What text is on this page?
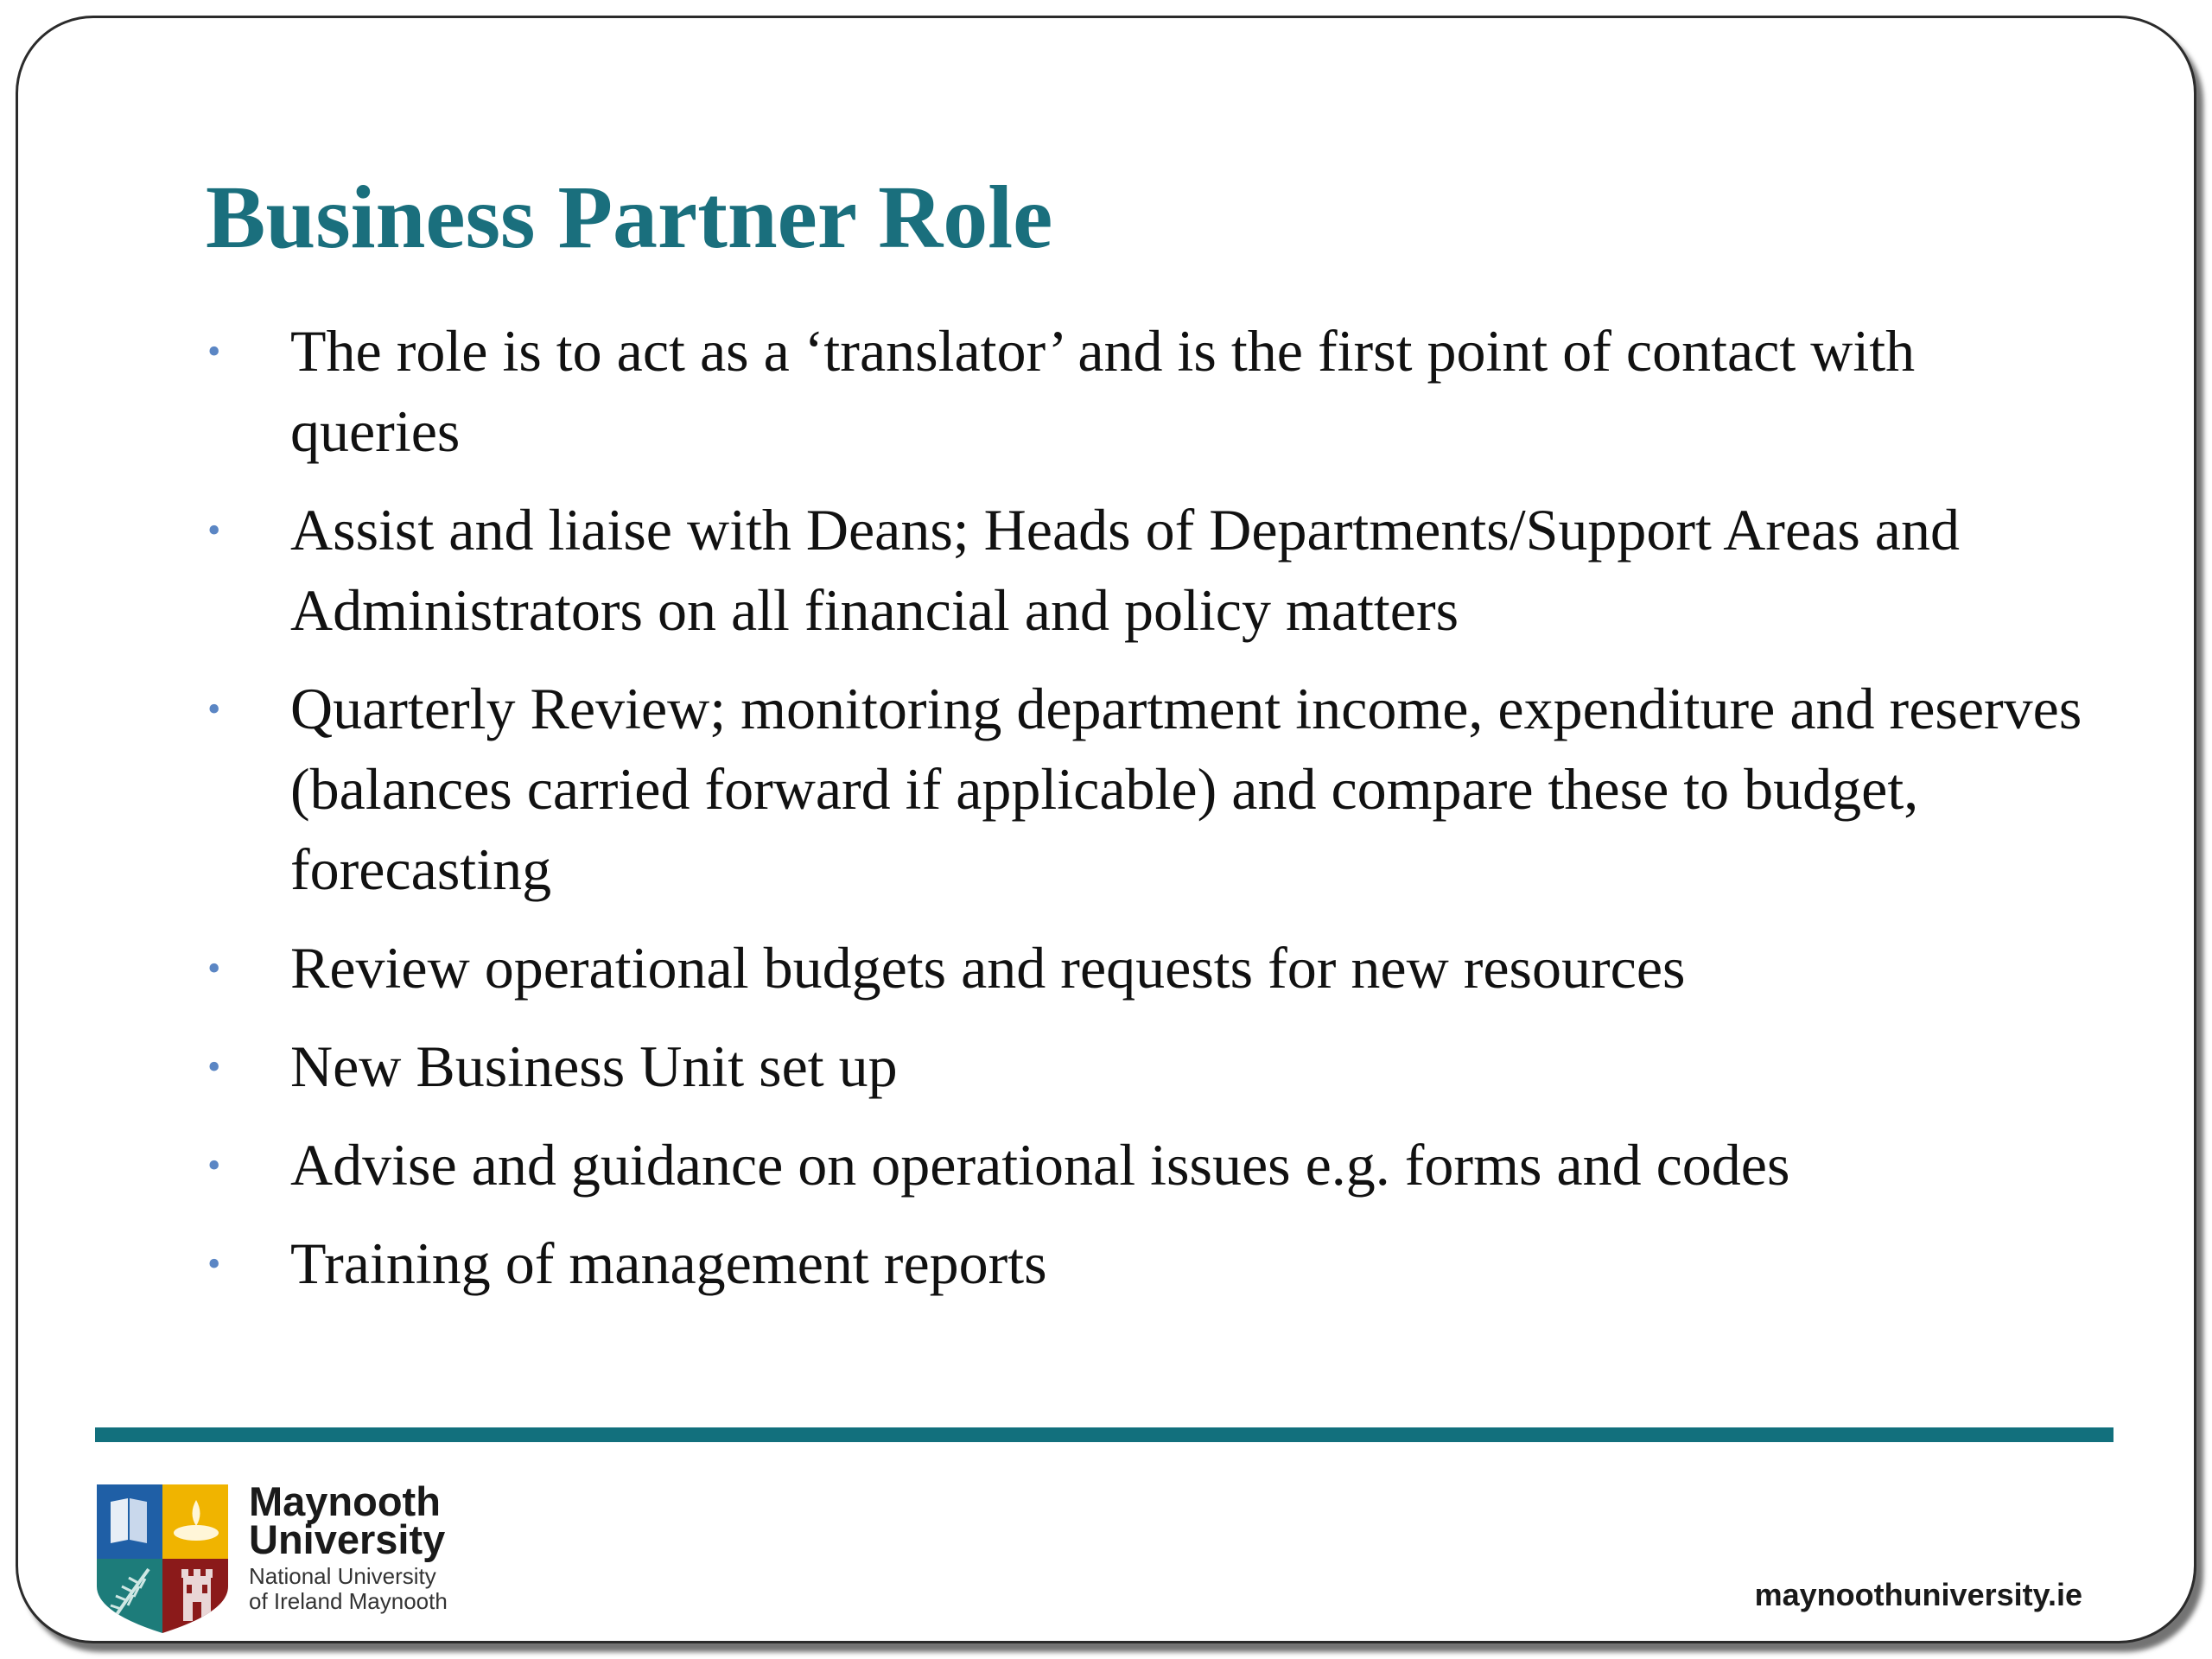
Business Partner Role
•	The role is to act as a ‘translator’ and is the first point of contact with queries
•	Assist and liaise with Deans; Heads of Departments/Support Areas and Administrators on all financial and policy matters
•	Quarterly Review; monitoring department income, expenditure and reserves (balances carried forward if applicable) and compare these to budget, forecasting
•	Review operational budgets and requests for new resources
•	New Business Unit set up
•	Advise and guidance on operational issues e.g. forms and codes
•	Training of management reports
Maynooth
University
National University
of Ireland Maynooth	maynoothuniversity.ie
